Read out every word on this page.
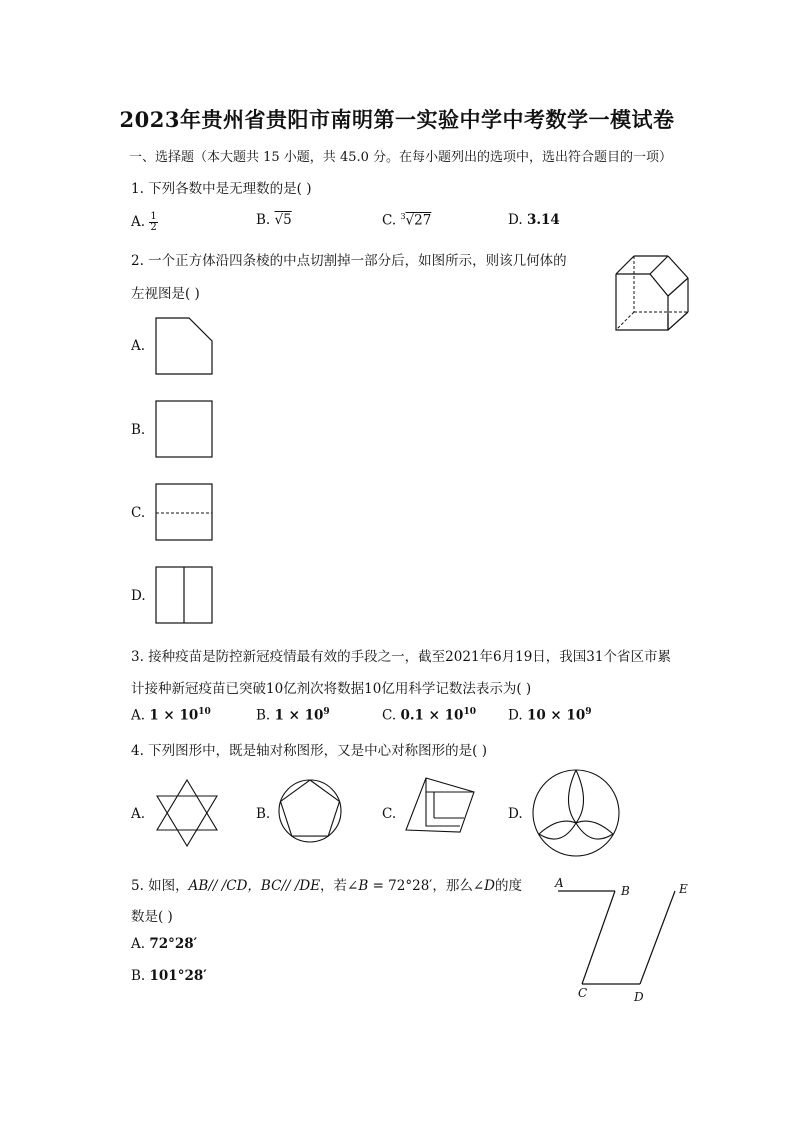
2023年贵州省贵阳市南明第一实验中学中考数学一模试卷
一、选择题（本大题共 15 小题，共 45.0 分。在每小题列出的选项中，选出符合题目的一项）
1. 下列各数中是无理数的是( )
A. $\frac{1}{2}$	B. √5	C. $^3$√27	D. 3.14
2. 一个正方体沿四条棱的中点切割掉一部分后，如图所示，则该几何体的
左视图是( )
A.
B.
C.
D.
3. 接种疫苗是防控新冠疫情最有效的手段之一，截至2021年6月19日，我国31个省区市累
计接种新冠疫苗已突破10亿剂次将数据10亿用科学记数法表示为( )
A. $1 \times 10^{10}$	B. $1 \times 10^9$	C. $0.1 \times 10^{10}$ D. $10 \times 10^9$
4. 下列图形中，既是轴对称图形，又是中心对称图形的是( )
A.	B.	C.	D.
5. 如图，AB// /CD，BC// /DE，若∠B = 72°28′，那么∠D的度
数是( )
A. 72°28′
B. 101°28′
A
B	E
C	D
